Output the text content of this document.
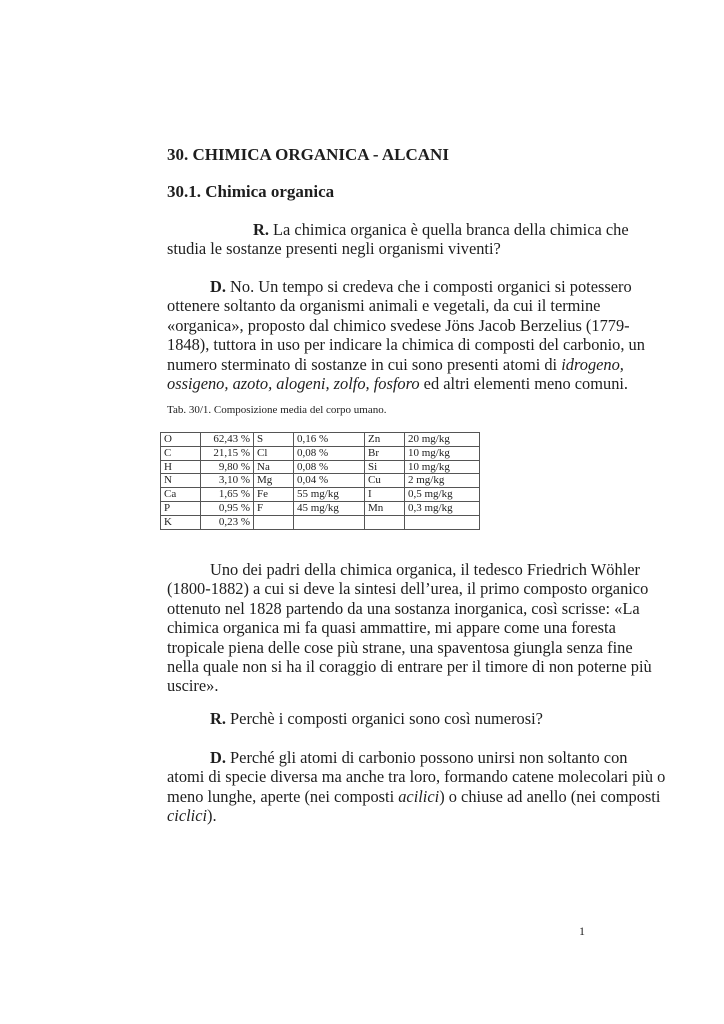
30. CHIMICA ORGANICA - ALCANI
30.1. Chimica organica

R. La chimica organica è quella branca della chimica che studia le sostanze presenti negli organismi viventi?

D. No. Un tempo si credeva che i composti organici si potessero ottenere soltanto da organismi animali e vegetali, da cui il termine «organica», proposto dal chimico svedese Jöns Jacob Berzelius (1779-1848), tuttora in uso per indicare la chimica di composti del carbonio, un numero sterminato di sostanze in cui sono presenti atomi di idrogeno, ossigeno, azoto, alogeni, zolfo, fosforo ed altri elementi meno comuni.

Tab. 30/1. Composizione media del corpo umano.
O	62,43 %	S	0,16 %	Zn	20 mg/kg
C	21,15 %	Cl	0,08 %	Br	10 mg/kg
H	9,80 %	Na	0,08 %	Si	10 mg/kg
N	3,10 %	Mg	0,04 %	Cu	2 mg/kg
Ca	1,65 %	Fe	55 mg/kg	I	0,5 mg/kg
P	0,95 %	F	45 mg/kg	Mn	0,3 mg/kg
K	0,23 %				

Uno dei padri della chimica organica, il tedesco Friedrich Wöhler (1800-1882) a cui si deve la sintesi dell’urea, il primo composto organico ottenuto nel 1828 partendo da una sostanza inorganica, così scrisse: «La chimica organica mi fa quasi ammattire, mi appare come una foresta tropicale piena delle cose più strane, una spaventosa giungla senza fine nella quale non si ha il coraggio di entrare per il timore di non poterne più uscire».

R. Perchè i composti organici sono così numerosi?

D. Perché gli atomi di carbonio possono unirsi non soltanto con atomi di specie diversa ma anche tra loro, formando catene molecolari più o meno lunghe, aperte (nei composti acilici) o chiuse ad anello (nei composti ciclici).

1
